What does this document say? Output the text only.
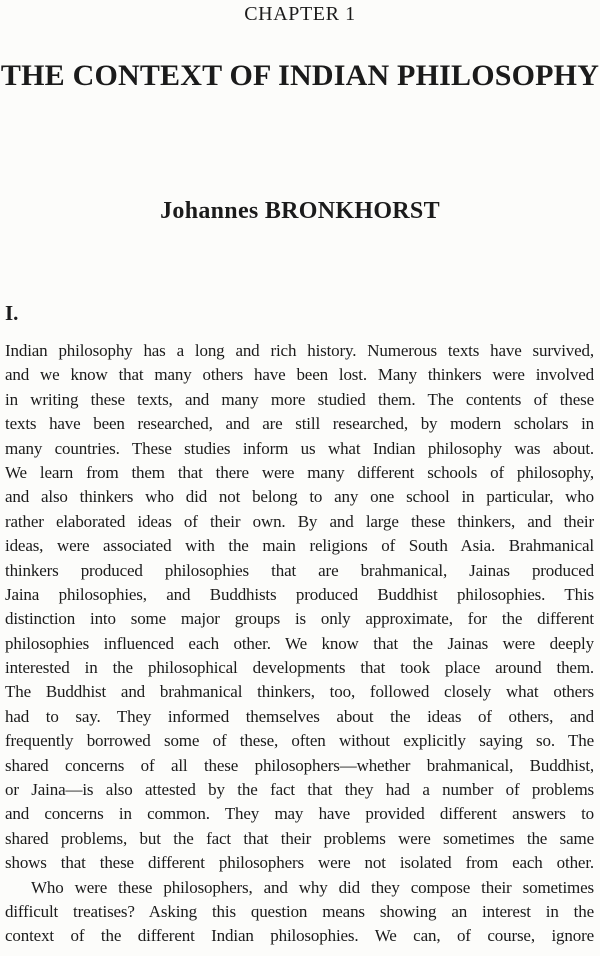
CHAPTER 1
THE CONTEXT OF INDIAN PHILOSOPHY
Johannes BRONKHORST
I.
Indian philosophy has a long and rich history. Numerous texts have survived,
and we know that many others have been lost. Many thinkers were involved
in writing these texts, and many more studied them. The contents of these
texts have been researched, and are still researched, by modern scholars in
many countries. These studies inform us what Indian philosophy was about.
We learn from them that there were many different schools of philosophy,
and also thinkers who did not belong to any one school in particular, who
rather elaborated ideas of their own. By and large these thinkers, and their
ideas, were associated with the main religions of South Asia. Brahmanical
thinkers produced philosophies that are brahmanical, Jainas produced
Jaina philosophies, and Buddhists produced Buddhist philosophies. This
distinction into some major groups is only approximate, for the different
philosophies influenced each other. We know that the Jainas were deeply
interested in the philosophical developments that took place around them.
The Buddhist and brahmanical thinkers, too, followed closely what others
had to say. They informed themselves about the ideas of others, and
frequently borrowed some of these, often without explicitly saying so. The
shared concerns of all these philosophers—whether brahmanical, Buddhist,
or Jaina—is also attested by the fact that they had a number of problems
and concerns in common. They may have provided different answers to
shared problems, but the fact that their problems were sometimes the same
shows that these different philosophers were not isolated from each other.
Who were these philosophers, and why did they compose their sometimes
difficult treatises? Asking this question means showing an interest in the
context of the different Indian philosophies. We can, of course, ignore
